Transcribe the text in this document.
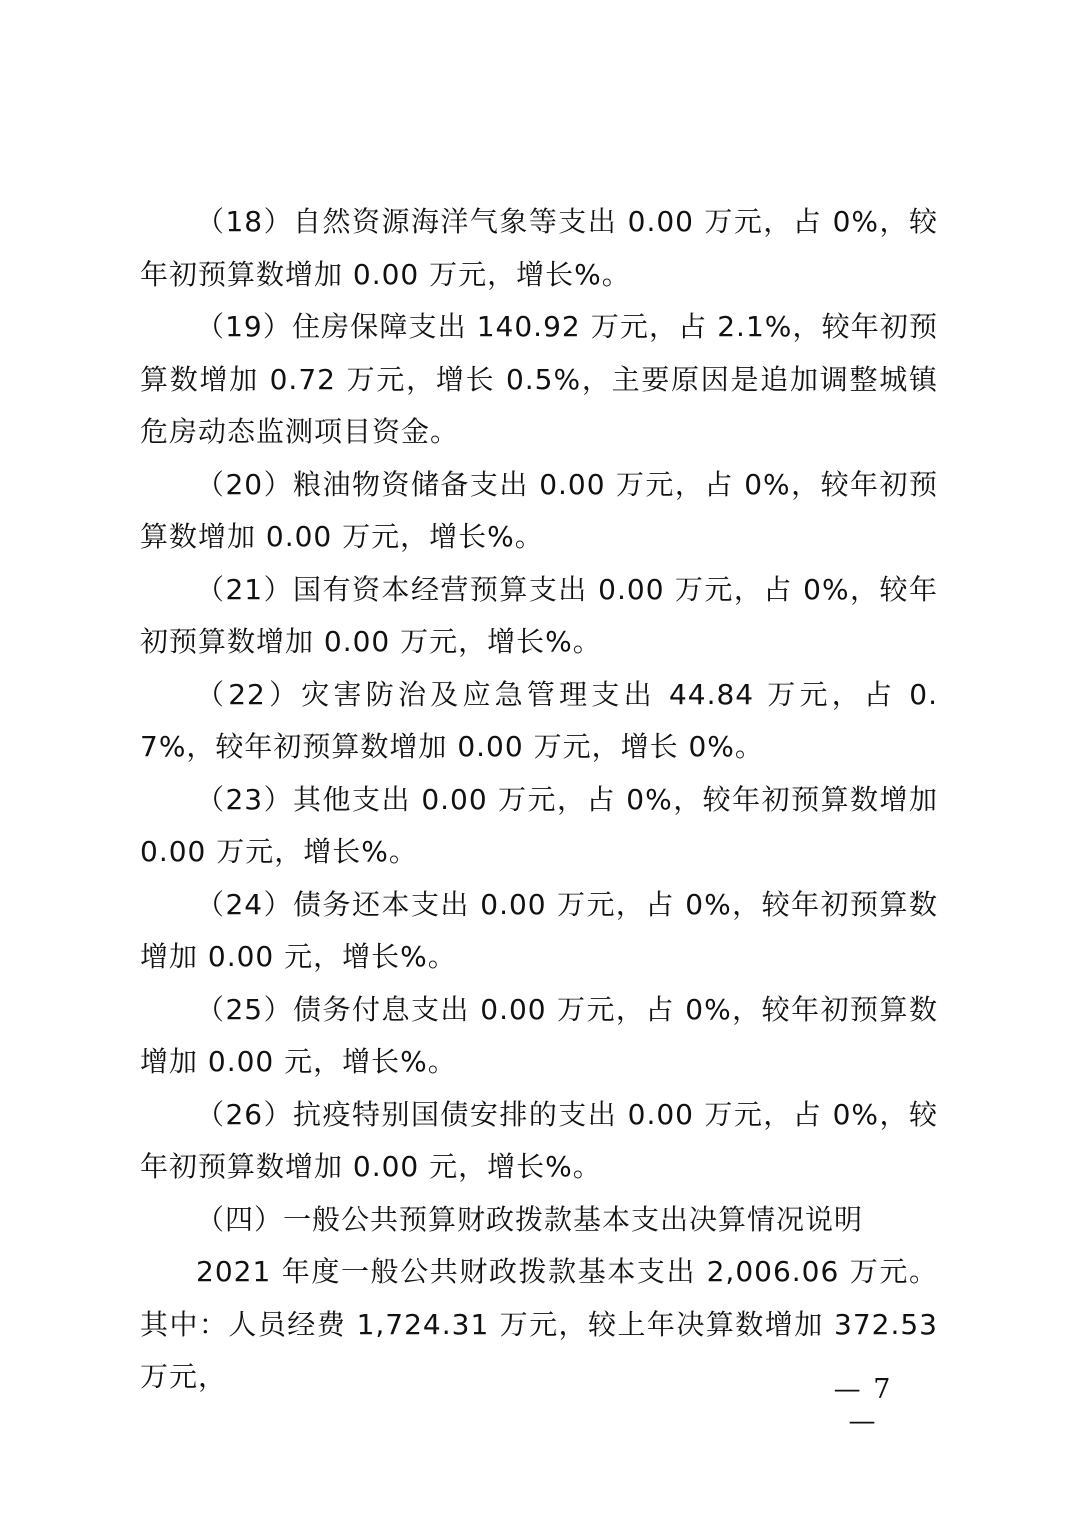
（18）自然资源海洋气象等支出 0.00 万元，占 0%，较年初预算数增加 0.00 万元，增长%。

（19）住房保障支出 140.92 万元，占 2.1%，较年初预算数增加 0.72 万元，增长 0.5%，主要原因是追加调整城镇危房动态监测项目资金。

（20）粮油物资储备支出 0.00 万元，占 0%，较年初预算数增加 0.00 万元，增长%。

（21）国有资本经营预算支出 0.00 万元，占 0%，较年初预算数增加 0.00 万元，增长%。

（22）灾害防治及应急管理支出 44.84 万元，占 0.7%，较年初预算数增加 0.00 万元，增长 0%。

（23）其他支出 0.00 万元，占 0%，较年初预算数增加 0.00 万元，增长%。

（24）债务还本支出 0.00 万元，占 0%，较年初预算数增加 0.00 元，增长%。

（25）债务付息支出 0.00 万元，占 0%，较年初预算数增加 0.00 元，增长%。

（26）抗疫特别国债安排的支出 0.00 万元，占 0%，较年初预算数增加 0.00 元，增长%。

（四）一般公共预算财政拨款基本支出决算情况说明

2021 年度一般公共财政拨款基本支出 2,006.06 万元。其中：人员经费 1,724.31 万元，较上年决算数增加 372.53 万元，	— 7 —
